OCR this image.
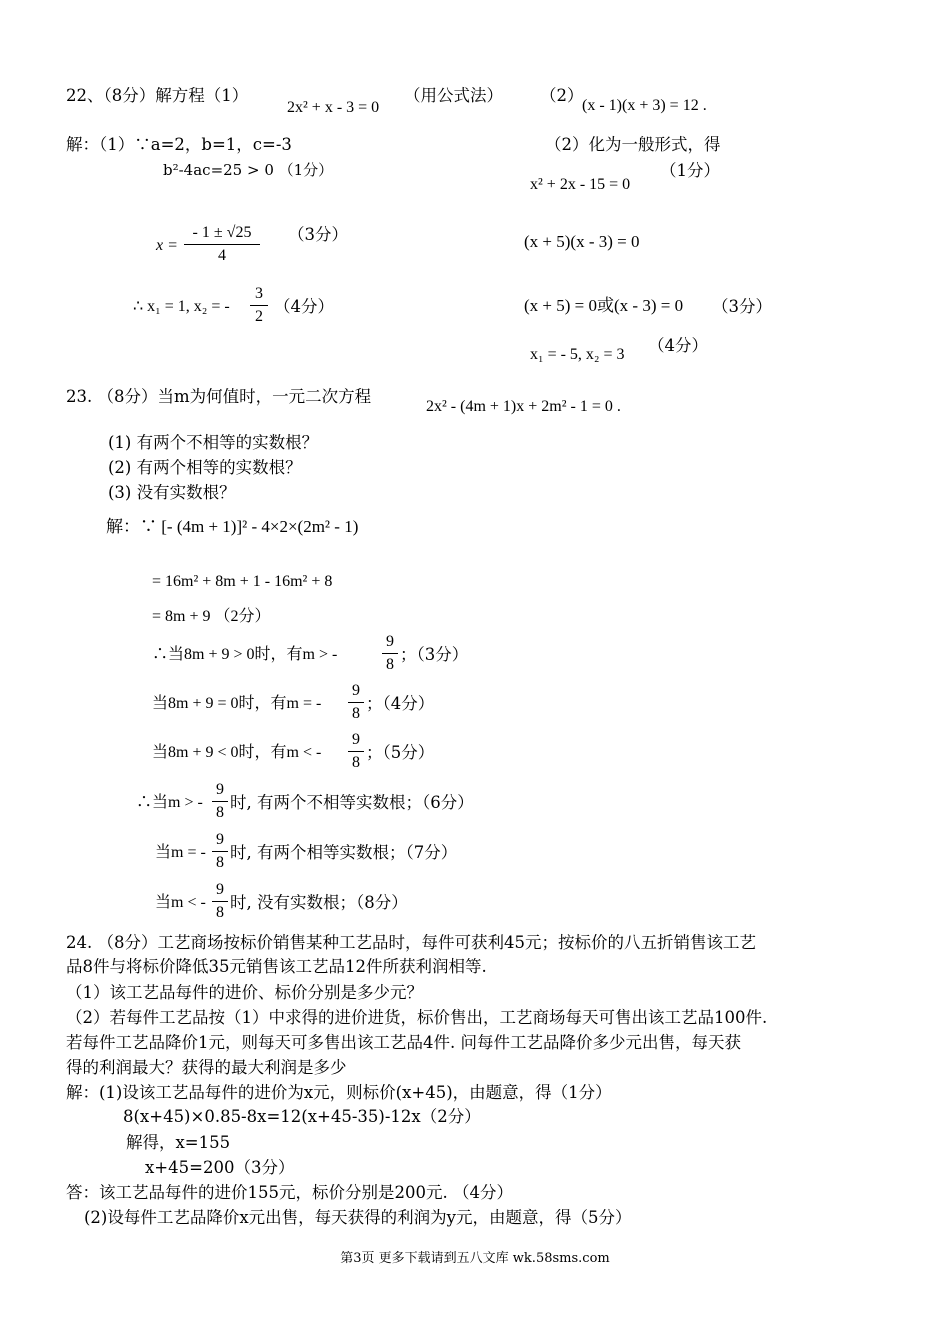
22、（8分）解方程（1）
2x² + x - 3 = 0
（用公式法） （2）
(x - 1)(x + 3) = 12 .
解：（1）∵a=2，b=1，c=-3
b²-4ac=25 > 0 （1分）
x =
- 1 ± √25
4
（3分）
∴ x₁ = 1, x₂ = -
3
2
（4分）
（2）化为一般形式，得
x² + 2x - 15 = 0
（1分）
(x + 5)(x - 3) = 0
(x + 5) = 0或(x - 3) = 0 （3分）
x₁ = - 5, x₂ = 3 （4分）
23. （8分）当m为何值时，一元二次方程
2x² - (4m + 1)x + 2m² - 1 = 0 .
(1) 有两个不相等的实数根？
(2) 有两个相等的实数根？
(3) 没有实数根？
解：∵ [- (4m + 1)]² - 4×2×(2m² - 1)
= 16m² + 8m + 1 - 16m² + 8
= 8m + 9 （2分）
∴当8m + 9 > 0时，有m > -
9
8
；（3分）
当8m + 9 = 0时，有m = -
9
8
；（4分）
当8m + 9 < 0时，有m < -
9
8
；（5分）
∴当m > -
9
8
时, 有两个不相等实数根；（6分）
当m = -
9
8
时, 有两个相等实数根；（7分）
当m < -
9
8
时, 没有实数根；（8分）
24. （8分）工艺商场按标价销售某种工艺品时，每件可获利45元；按标价的八五折销售该工艺
品8件与将标价降低35元销售该工艺品12件所获利润相等.
（1）该工艺品每件的进价、标价分别是多少元？
（2）若每件工艺品按（1）中求得的进价进货，标价售出，工艺商场每天可售出该工艺品100件.
若每件工艺品降价1元，则每天可多售出该工艺品4件. 问每件工艺品降价多少元出售，每天获
得的利润最大？获得的最大利润是多少
解：(1)设该工艺品每件的进价为x元，则标价(x+45)，由题意，得（1分）
8(x+45)×0.85-8x=12(x+45-35)-12x（2分）
解得，x=155
x+45=200（3分）
答：该工艺品每件的进价155元，标价分别是200元. （4分）
(2)设每件工艺品降价x元出售，每天获得的利润为y元，由题意，得（5分）
第3页 更多下载请到五八文库 wk.58sms.com
